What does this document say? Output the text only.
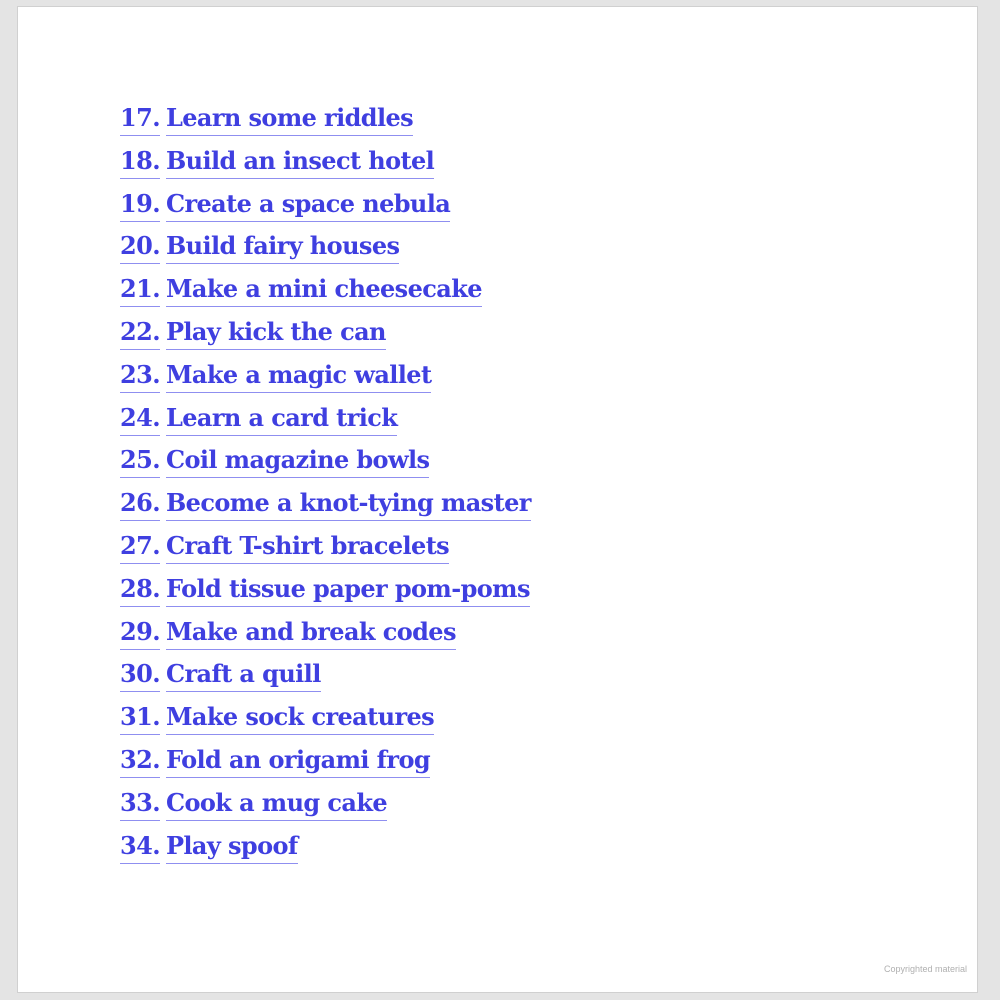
17. Learn some riddles
18. Build an insect hotel
19. Create a space nebula
20. Build fairy houses
21. Make a mini cheesecake
22. Play kick the can
23. Make a magic wallet
24. Learn a card trick
25. Coil magazine bowls
26. Become a knot-tying master
27. Craft T-shirt bracelets
28. Fold tissue paper pom-poms
29. Make and break codes
30. Craft a quill
31. Make sock creatures
32. Fold an origami frog
33. Cook a mug cake
34. Play spoof
Copyrighted material
